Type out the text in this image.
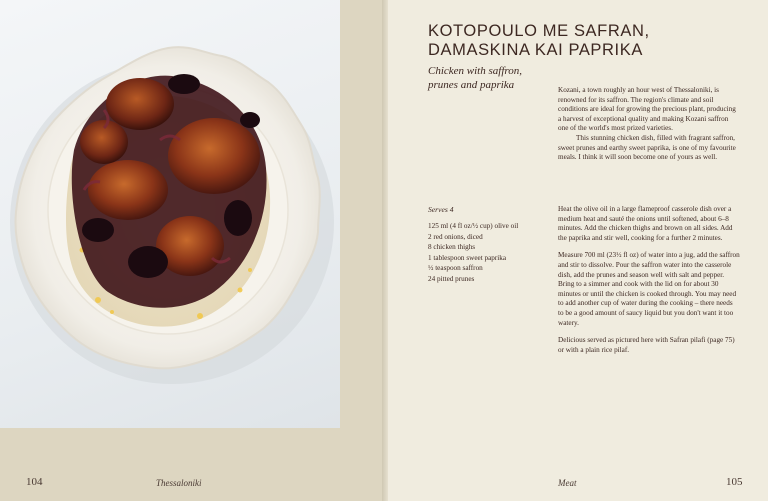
104	Thessaloniki
KOTOPOULO ME SAFRAN,
DAMASKINA KAI PAPRIKA

Chicken with saffron,
prunes and paprika	Kozani, a town roughly an hour west of Thessaloniki, is renowned for its saffron. The region's climate and soil conditions are ideal for growing the precious plant, producing a harvest of exceptional quality and making Kozani saffron one of the world's most prized varieties.

This stunning chicken dish, filled with fragrant saffron, sweet prunes and earthy sweet paprika, is one of my favourite meals. I think it will soon become one of yours as well.

Serves 4
125 ml (4 fl oz/½ cup) olive oil
2 red onions, diced
8 chicken thighs
1 tablespoon sweet paprika
½ teaspoon saffron
24 pitted prunes

Heat the olive oil in a large flameproof casserole dish over a medium heat and sauté the onions until softened, about 6–8 minutes. Add the chicken thighs and brown on all sides. Add the paprika and stir well, cooking for a further 2 minutes.

Measure 700 ml (23½ fl oz) of water into a jug, add the saffron and stir to dissolve. Pour the saffron water into the casserole dish, add the prunes and season well with salt and pepper. Bring to a simmer and cook with the lid on for about 30 minutes or until the chicken is cooked through. You may need to add another cup of water during the cooking – there needs to be a good amount of saucy liquid but you don't want it too watery.

Delicious served as pictured here with Safran pilafi (page 75) or with a plain rice pilaf.

Meat	105
